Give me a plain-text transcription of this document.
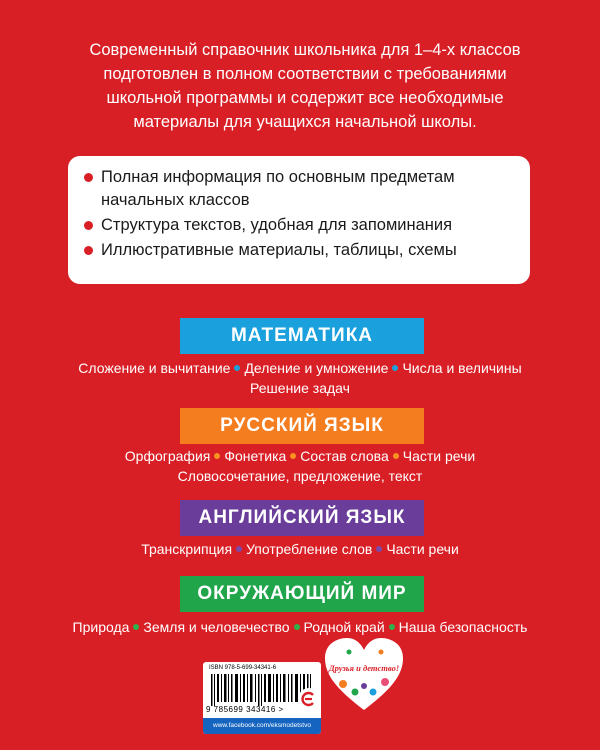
Современный справочник школьника для 1–4-х классов подготовлен в полном соответствии с требованиями школьной программы и содержит все необходимые материалы для учащихся начальной школы.
Полная информация по основным предметам начальных классов
Структура текстов, удобная для запоминания
Иллюстративные материалы, таблицы, схемы
МАТЕМАТИКА
Сложение и вычитание Деление и умножение Числа и величины
Решение задач
РУССКИЙ ЯЗЫК
Орфография Фонетика Состав слова Части речи
Словосочетание, предложение, текст
АНГЛИЙСКИЙ ЯЗЫК
Транскрипция Употребление слов Части речи
ОКРУЖАЮЩИЙ МИР
Природа Земля и человечество Родной край Наша безопасность
ISBN 978-5-699-34341-6
9 785699 343416 >
www.facebook.com/eksmodetstvo
Друзья и детство!
